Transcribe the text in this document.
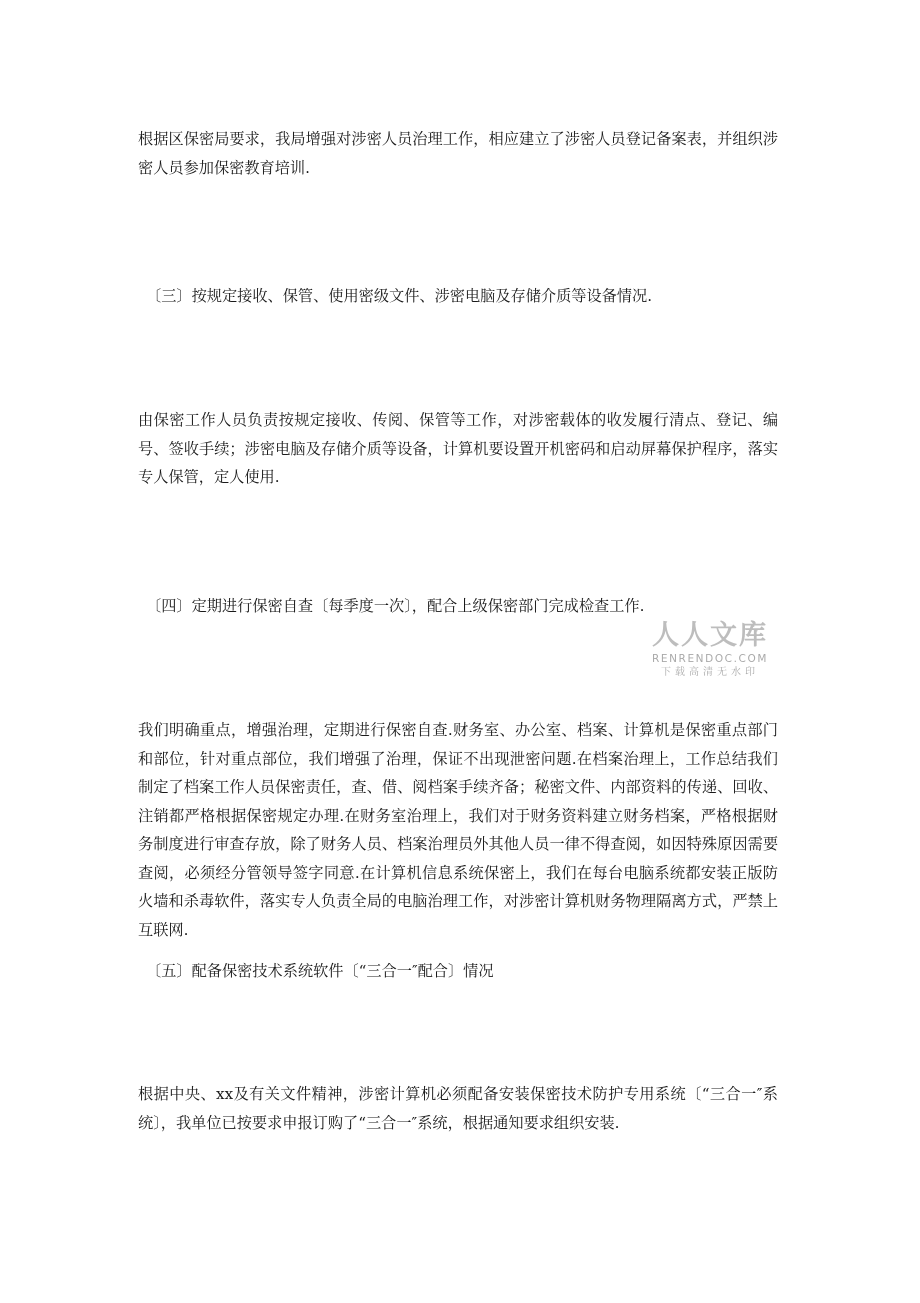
根据区保密局要求，我局增强对涉密人员治理工作，相应建立了涉密人员登记备案表，并组织涉密人员参加保密教育培训.

〔三〕按规定接收、保管、使用密级文件、涉密电脑及存储介质等设备情况.

由保密工作人员负责按规定接收、传阅、保管等工作，对涉密载体的收发履行清点、登记、编号、签收手续；涉密电脑及存储介质等设备，计算机要设置开机密码和启动屏幕保护程序，落实专人保管，定人使用.

〔四〕定期进行保密自查〔每季度一次〕，配合上级保密部门完成检查工作.

人人文库
RENRENDOC.COM
下载高清无水印

我们明确重点，增强治理，定期进行保密自查.财务室、办公室、档案、计算机是保密重点部门和部位，针对重点部位，我们增强了治理，保证不出现泄密问题.在档案治理上，工作总结我们制定了档案工作人员保密责任，查、借、阅档案手续齐备；秘密文件、内部资料的传递、回收、注销都严格根据保密规定办理.在财务室治理上，我们对于财务资料建立财务档案，严格根据财务制度进行审查存放，除了财务人员、档案治理员外其他人员一律不得查阅，如因特殊原因需要查阅，必须经分管领导签字同意.在计算机信息系统保密上，我们在每台电脑系统都安装正版防火墙和杀毒软件，落实专人负责全局的电脑治理工作，对涉密计算机财务物理隔离方式，严禁上互联网.

〔五〕配备保密技术系统软件〔“三合一″配合〕情况

根据中央、xx及有关文件精神，涉密计算机必须配备安装保密技术防护专用系统〔“三合一″系统〕，我单位已按要求申报订购了“三合一″系统，根据通知要求组织安装.
